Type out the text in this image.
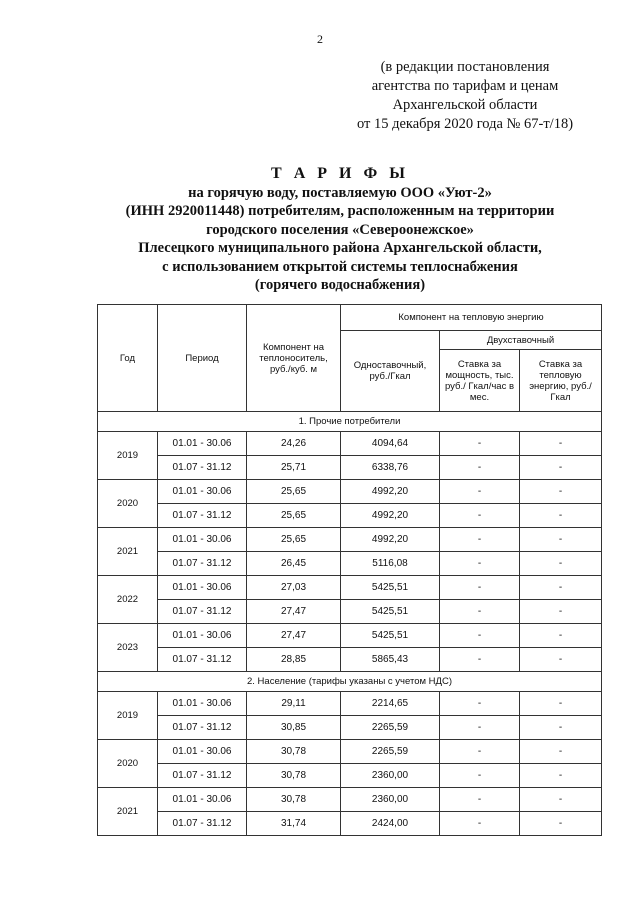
2
(в редакции постановления
агентства по тарифам и ценам
Архангельской области
от 15 декабря 2020 года № 67-т/18)
Т А Р И Ф Ы
на горячую воду, поставляемую ООО «Уют-2»
(ИНН 2920011448) потребителям, расположенным на территории
городского поселения «Североонежское»
Плесецкого муниципального района Архангельской области,
с использованием открытой системы теплоснабжения
(горячего водоснабжения)
Год	Период	Компонент на теплоноситель, руб./куб. м	Компонент на тепловую энергию		
			Одноставочный, руб./Гкал	Двухставочный	
				Ставка за мощность, тыс. руб./ Гкал/час в мес.	Ставка за тепловую энергию, руб./Гкал
1. Прочие потребители					
2019	01.01 - 30.06	24,26	4094,64	-	-
	01.07 - 31.12	25,71	6338,76	-	-
2020	01.01 - 30.06	25,65	4992,20	-	-
	01.07 - 31.12	25,65	4992,20	-	-
2021	01.01 - 30.06	25,65	4992,20	-	-
	01.07 - 31.12	26,45	5116,08	-	-
2022	01.01 - 30.06	27,03	5425,51	-	-
	01.07 - 31.12	27,47	5425,51	-	-
2023	01.01 - 30.06	27,47	5425,51	-	-
	01.07 - 31.12	28,85	5865,43	-	-
2. Население (тарифы указаны с учетом НДС)					
2019	01.01 - 30.06	29,11	2214,65	-	-
	01.07 - 31.12	30,85	2265,59	-	-
2020	01.01 - 30.06	30,78	2265,59	-	-
	01.07 - 31.12	30,78	2360,00	-	-
2021	01.01 - 30.06	30,78	2360,00	-	-
	01.07 - 31.12	31,74	2424,00	-	-
